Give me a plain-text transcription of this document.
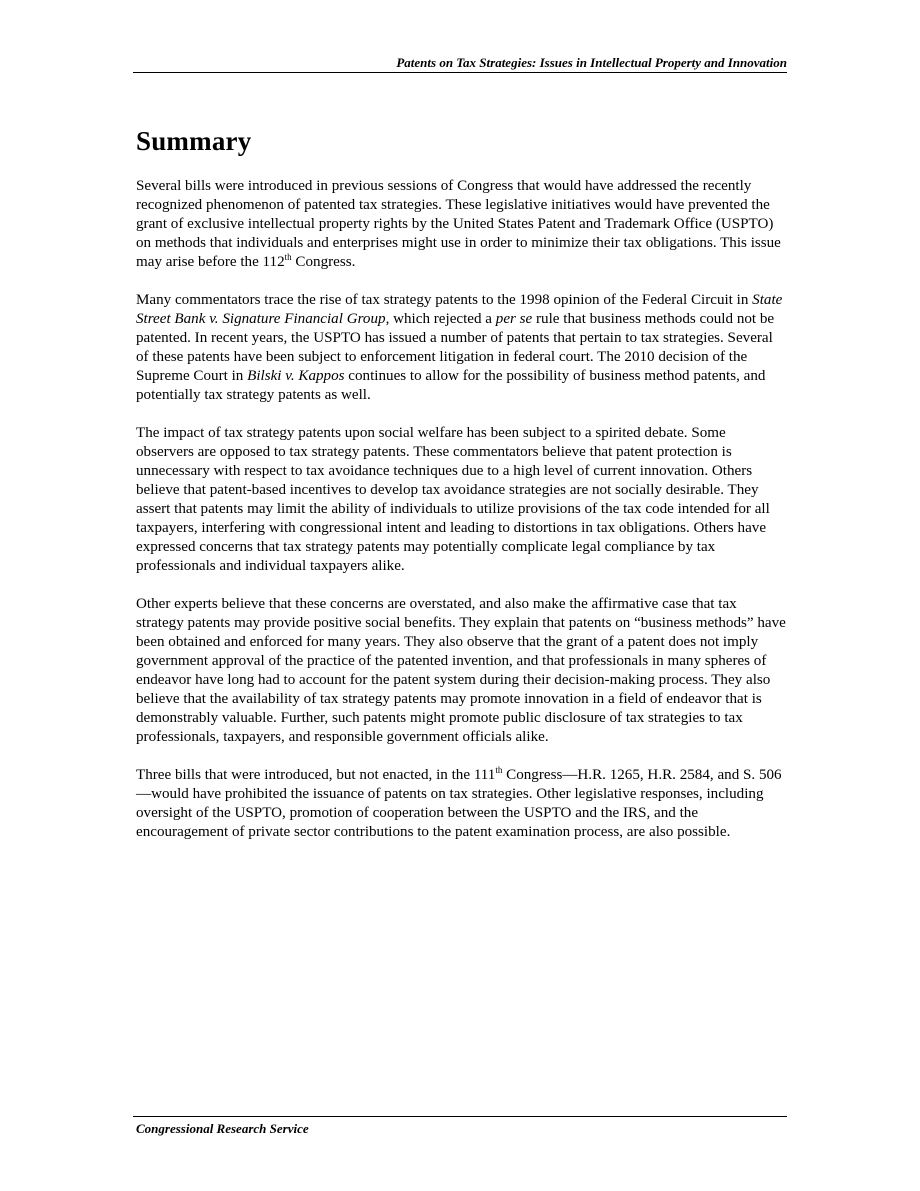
Patents on Tax Strategies: Issues in Intellectual Property and Innovation
Summary

Several bills were introduced in previous sessions of Congress that would have addressed the recently recognized phenomenon of patented tax strategies. These legislative initiatives would have prevented the grant of exclusive intellectual property rights by the United States Patent and Trademark Office (USPTO) on methods that individuals and enterprises might use in order to minimize their tax obligations. This issue may arise before the 112th Congress.

Many commentators trace the rise of tax strategy patents to the 1998 opinion of the Federal Circuit in State Street Bank v. Signature Financial Group, which rejected a per se rule that business methods could not be patented. In recent years, the USPTO has issued a number of patents that pertain to tax strategies. Several of these patents have been subject to enforcement litigation in federal court. The 2010 decision of the Supreme Court in Bilski v. Kappos continues to allow for the possibility of business method patents, and potentially tax strategy patents as well.

The impact of tax strategy patents upon social welfare has been subject to a spirited debate. Some observers are opposed to tax strategy patents. These commentators believe that patent protection is unnecessary with respect to tax avoidance techniques due to a high level of current innovation. Others believe that patent-based incentives to develop tax avoidance strategies are not socially desirable. They assert that patents may limit the ability of individuals to utilize provisions of the tax code intended for all taxpayers, interfering with congressional intent and leading to distortions in tax obligations. Others have expressed concerns that tax strategy patents may potentially complicate legal compliance by tax professionals and individual taxpayers alike.

Other experts believe that these concerns are overstated, and also make the affirmative case that tax strategy patents may provide positive social benefits. They explain that patents on “business methods” have been obtained and enforced for many years. They also observe that the grant of a patent does not imply government approval of the practice of the patented invention, and that professionals in many spheres of endeavor have long had to account for the patent system during their decision-making process. They also believe that the availability of tax strategy patents may promote innovation in a field of endeavor that is demonstrably valuable. Further, such patents might promote public disclosure of tax strategies to tax professionals, taxpayers, and responsible government officials alike.

Three bills that were introduced, but not enacted, in the 111th Congress—H.R. 1265, H.R. 2584, and S. 506—would have prohibited the issuance of patents on tax strategies. Other legislative responses, including oversight of the USPTO, promotion of cooperation between the USPTO and the IRS, and the encouragement of private sector contributions to the patent examination process, are also possible.

Congressional Research Service
